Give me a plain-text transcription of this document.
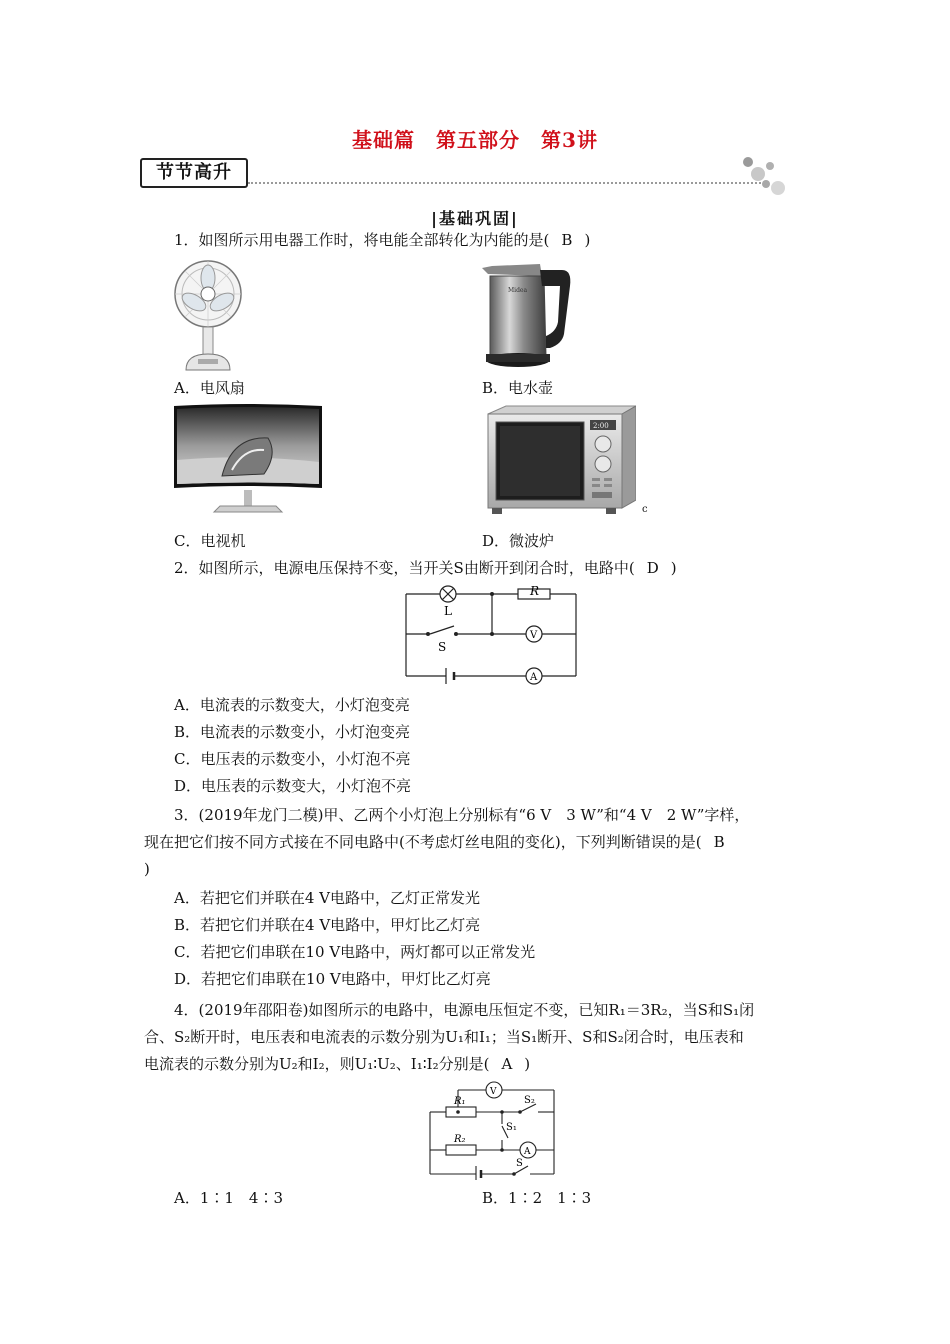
基础篇　第五部分　第3讲
节节高升
|基础巩固|
1．如图所示用电器工作时，将电能全部转化为内能的是( B )
A．电风扇
Midea
B．电水壶
C．电视机
2:00
c
D．微波炉
2．如图所示，电源电压保持不变，当开关S由断开到闭合时，电路中( D )
L
R
S
V
A
A．电流表的示数变大，小灯泡变亮
B．电流表的示数变小，小灯泡变亮
C．电压表的示数变小，小灯泡不亮
D．电压表的示数变大，小灯泡不亮
3．(2019年龙门二模)甲、乙两个小灯泡上分别标有“6 V　3 W”和“4 V　2 W”字样，
现在把它们按不同方式接在不同电路中(不考虑灯丝电阻的变化)，下列判断错误的是( B
)
A．若把它们并联在4 V电路中，乙灯正常发光
B．若把它们并联在4 V电路中，甲灯比乙灯亮
C．若把它们串联在10 V电路中，两灯都可以正常发光
D．若把它们串联在10 V电路中，甲灯比乙灯亮
4．(2019年邵阳卷)如图所示的电路中，电源电压恒定不变，已知R₁＝3R₂，当S和S₁闭
合、S₂断开时，电压表和电流表的示数分别为U₁和I₁；当S₁断开、S和S₂闭合时，电压表和
电流表的示数分别为U₂和I₂，则U₁∶U₂、I₁∶I₂分别是( A )
R₁
R₂
S₂
S₁
S
V
A
A．1∶1　4∶3	B．1∶2　1∶3
